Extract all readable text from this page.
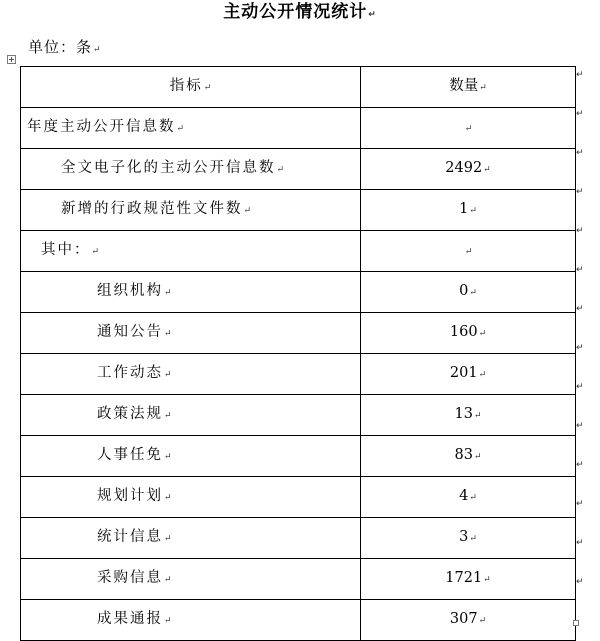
主动公开情况统计↵
单位：条↵
指标↵	数量↵
年度主动公开信息数↵	↵
全文电子化的主动公开信息数↵	2492↵
新增的行政规范性文件数↵	1↵
其中：↵	↵
组织机构↵	0↵
通知公告↵	160↵
工作动态↵	201↵
政策法规↵	13↵
人事任免↵	83↵
规划计划↵	4↵
统计信息↵	3↵
采购信息↵	1721↵
成果通报↵	307↵
↵
↵
↵
↵
↵
↵
↵
↵
↵
↵
↵
↵
↵
↵
